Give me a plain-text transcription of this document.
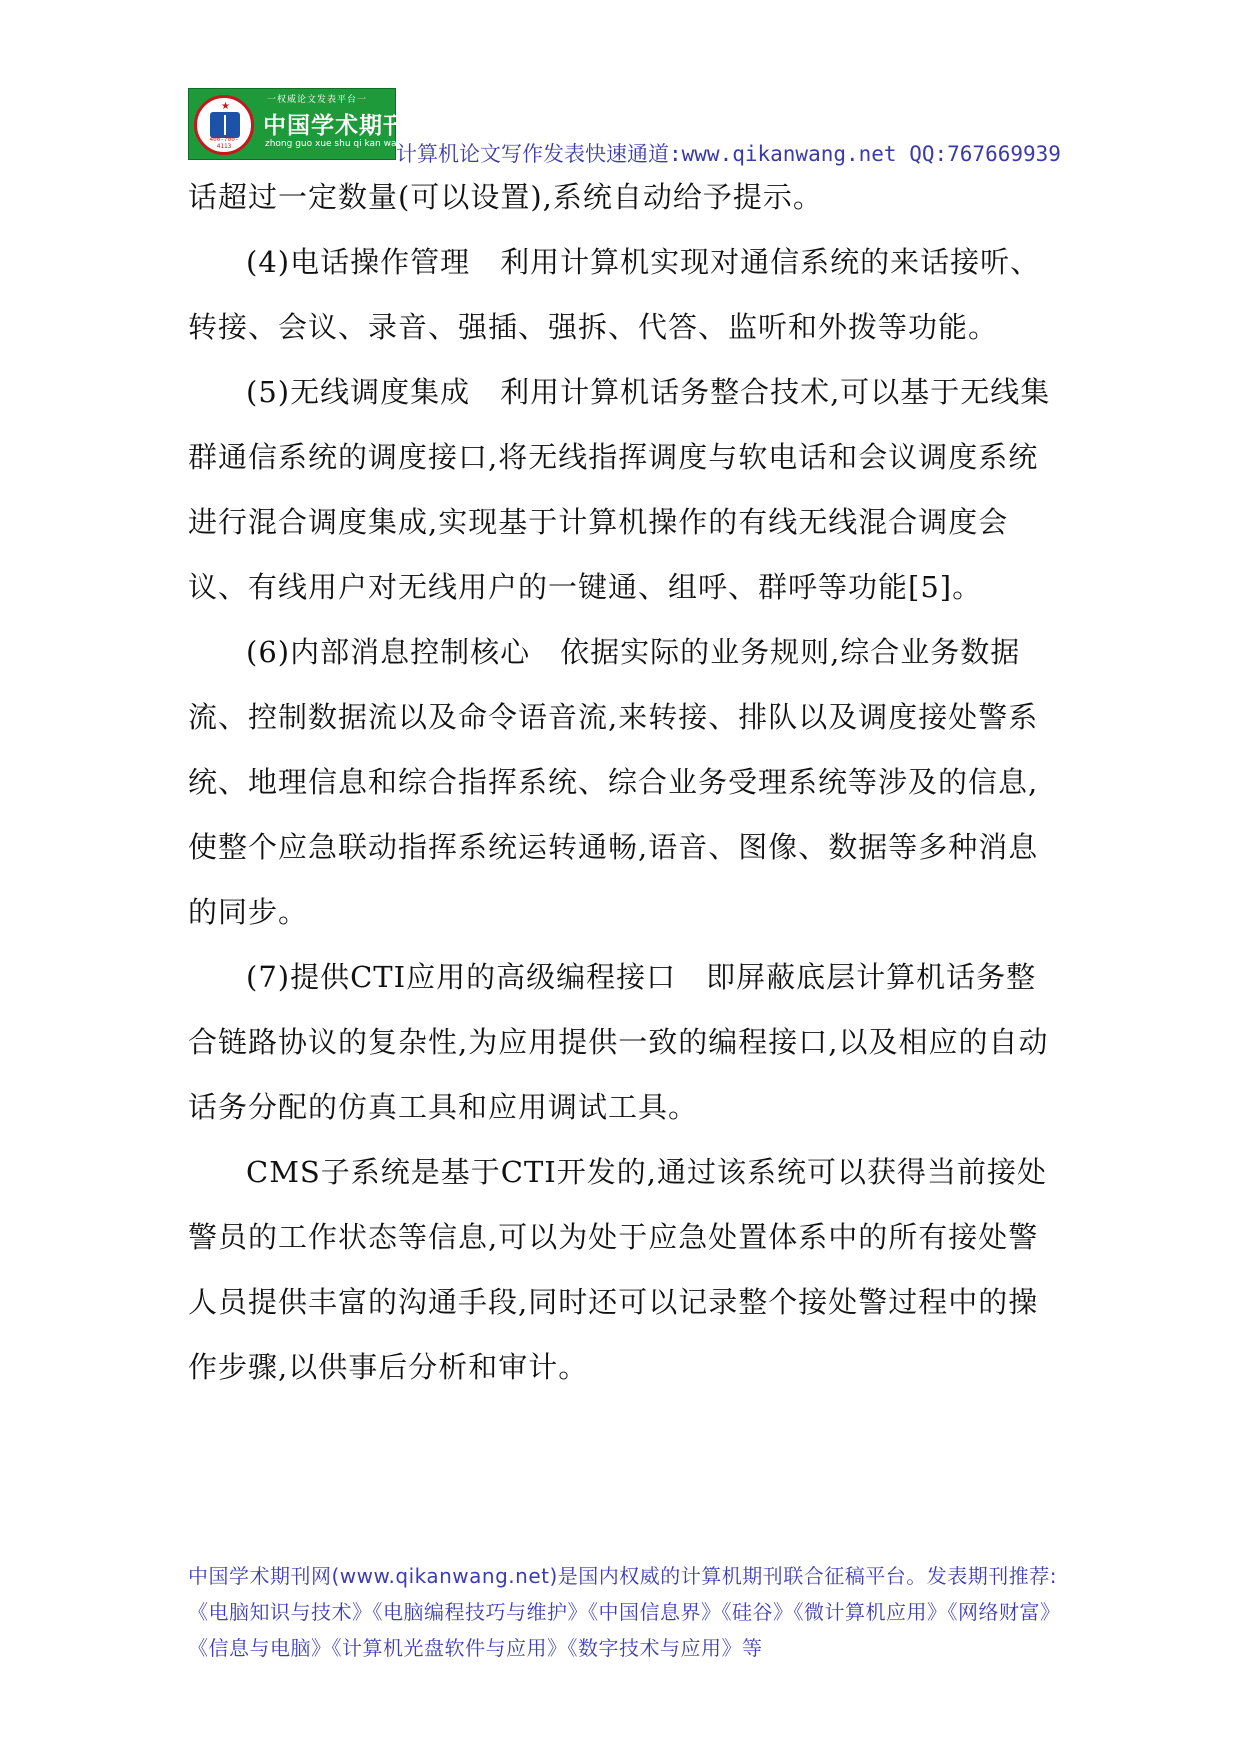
★
400-700-4113
一权威论文发表平台一
中国学术期刊网
zhong guo xue shu qi kan wang
计算机论文写作发表快速通道:www.qikanwang.net QQ:767669939

话超过一定数量(可以设置),系统自动给予提示。

(4)电话操作管理　利用计算机实现对通信系统的来话接听、转接、会议、录音、强插、强拆、代答、监听和外拨等功能。

(5)无线调度集成　利用计算机话务整合技术,可以基于无线集群通信系统的调度接口,将无线指挥调度与软电话和会议调度系统进行混合调度集成,实现基于计算机操作的有线无线混合调度会议、有线用户对无线用户的一键通、组呼、群呼等功能[5]。

(6)内部消息控制核心　依据实际的业务规则,综合业务数据流、控制数据流以及命令语音流,来转接、排队以及调度接处警系统、地理信息和综合指挥系统、综合业务受理系统等涉及的信息,使整个应急联动指挥系统运转通畅,语音、图像、数据等多种消息的同步。

(7)提供CTI应用的高级编程接口　即屏蔽底层计算机话务整合链路协议的复杂性,为应用提供一致的编程接口,以及相应的自动话务分配的仿真工具和应用调试工具。

CMS子系统是基于CTI开发的,通过该系统可以获得当前接处警员的工作状态等信息,可以为处于应急处置体系中的所有接处警人员提供丰富的沟通手段,同时还可以记录整个接处警过程中的操作步骤,以供事后分析和审计。

中国学术期刊网(www.qikanwang.net)是国内权威的计算机期刊联合征稿平台。发表期刊推荐:《电脑知识与技术》《电脑编程技巧与维护》《中国信息界》《硅谷》《微计算机应用》《网络财富》《信息与电脑》《计算机光盘软件与应用》《数字技术与应用》等
